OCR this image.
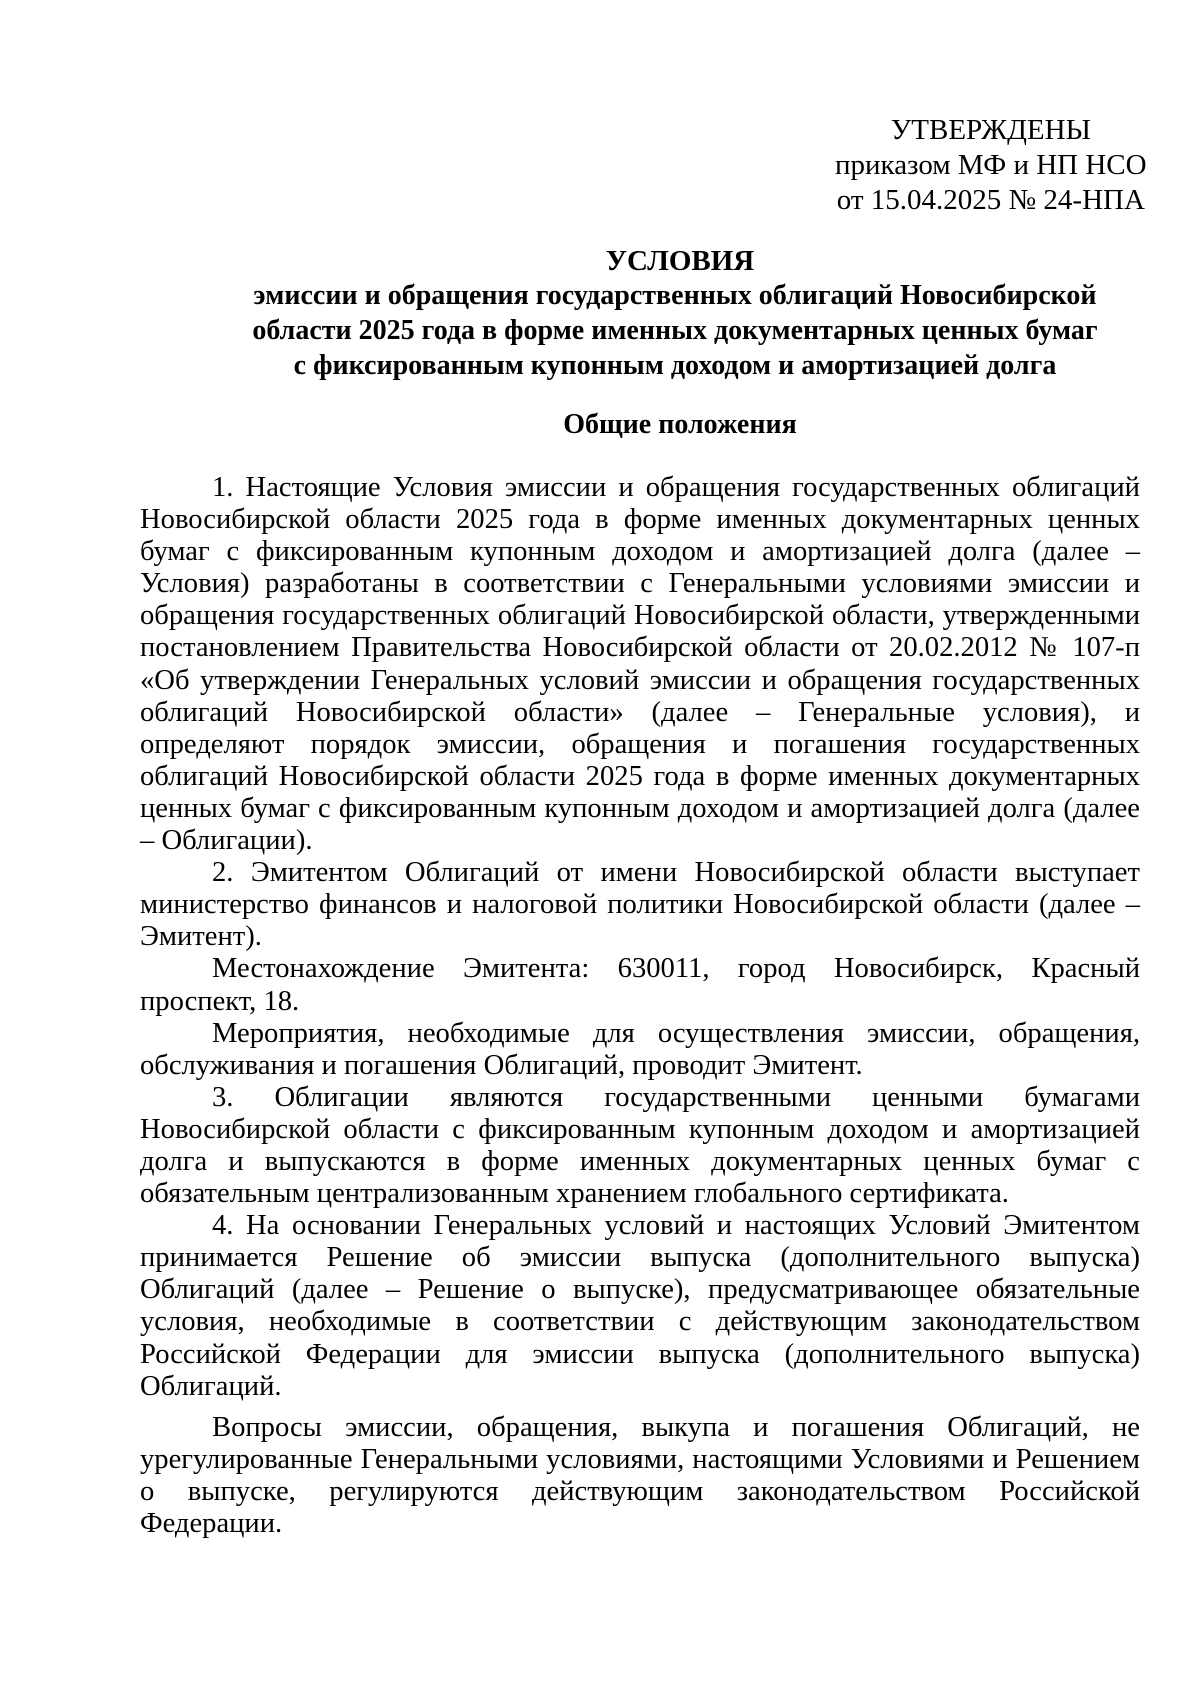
УТВЕРЖДЕНЫ
приказом МФ и НП НСО
от 15.04.2025 № 24-НПА
УСЛОВИЯ
эмиссии и обращения государственных облигаций Новосибирской
области 2025 года в форме именных документарных ценных бумаг
с фиксированным купонным доходом и амортизацией долга
Общие положения

1. Настоящие Условия эмиссии и обращения государственных облигаций Новосибирской области 2025 года в форме именных документарных ценных бумаг с фиксированным купонным доходом и амортизацией долга (далее – Условия) разработаны в соответствии с Генеральными условиями эмиссии и обращения государственных облигаций Новосибирской области, утвержденными постановлением Правительства Новосибирской области от 20.02.2012 № 107-п «Об утверждении Генеральных условий эмиссии и обращения государственных облигаций Новосибирской области» (далее – Генеральные условия), и определяют порядок эмиссии, обращения и погашения государственных облигаций Новосибирской области 2025 года в форме именных документарных ценных бумаг с фиксированным купонным доходом и амортизацией долга (далее – Облигации).

2. Эмитентом Облигаций от имени Новосибирской области выступает министерство финансов и налоговой политики Новосибирской области (далее – Эмитент).

Местонахождение Эмитента: 630011, город Новосибирск, Красный проспект, 18.

Мероприятия, необходимые для осуществления эмиссии, обращения, обслуживания и погашения Облигаций, проводит Эмитент.

3. Облигации являются государственными ценными бумагами Новосибирской области с фиксированным купонным доходом и амортизацией долга и выпускаются в форме именных документарных ценных бумаг с обязательным централизованным хранением глобального сертификата.

4. На основании Генеральных условий и настоящих Условий Эмитентом принимается Решение об эмиссии выпуска (дополнительного выпуска) Облигаций (далее – Решение о выпуске), предусматривающее обязательные условия, необходимые в соответствии с действующим законодательством Российской Федерации для эмиссии выпуска (дополнительного выпуска) Облигаций.

Вопросы эмиссии, обращения, выкупа и погашения Облигаций, не урегулированные Генеральными условиями, настоящими Условиями и Решением о выпуске, регулируются действующим законодательством Российской Федерации.
